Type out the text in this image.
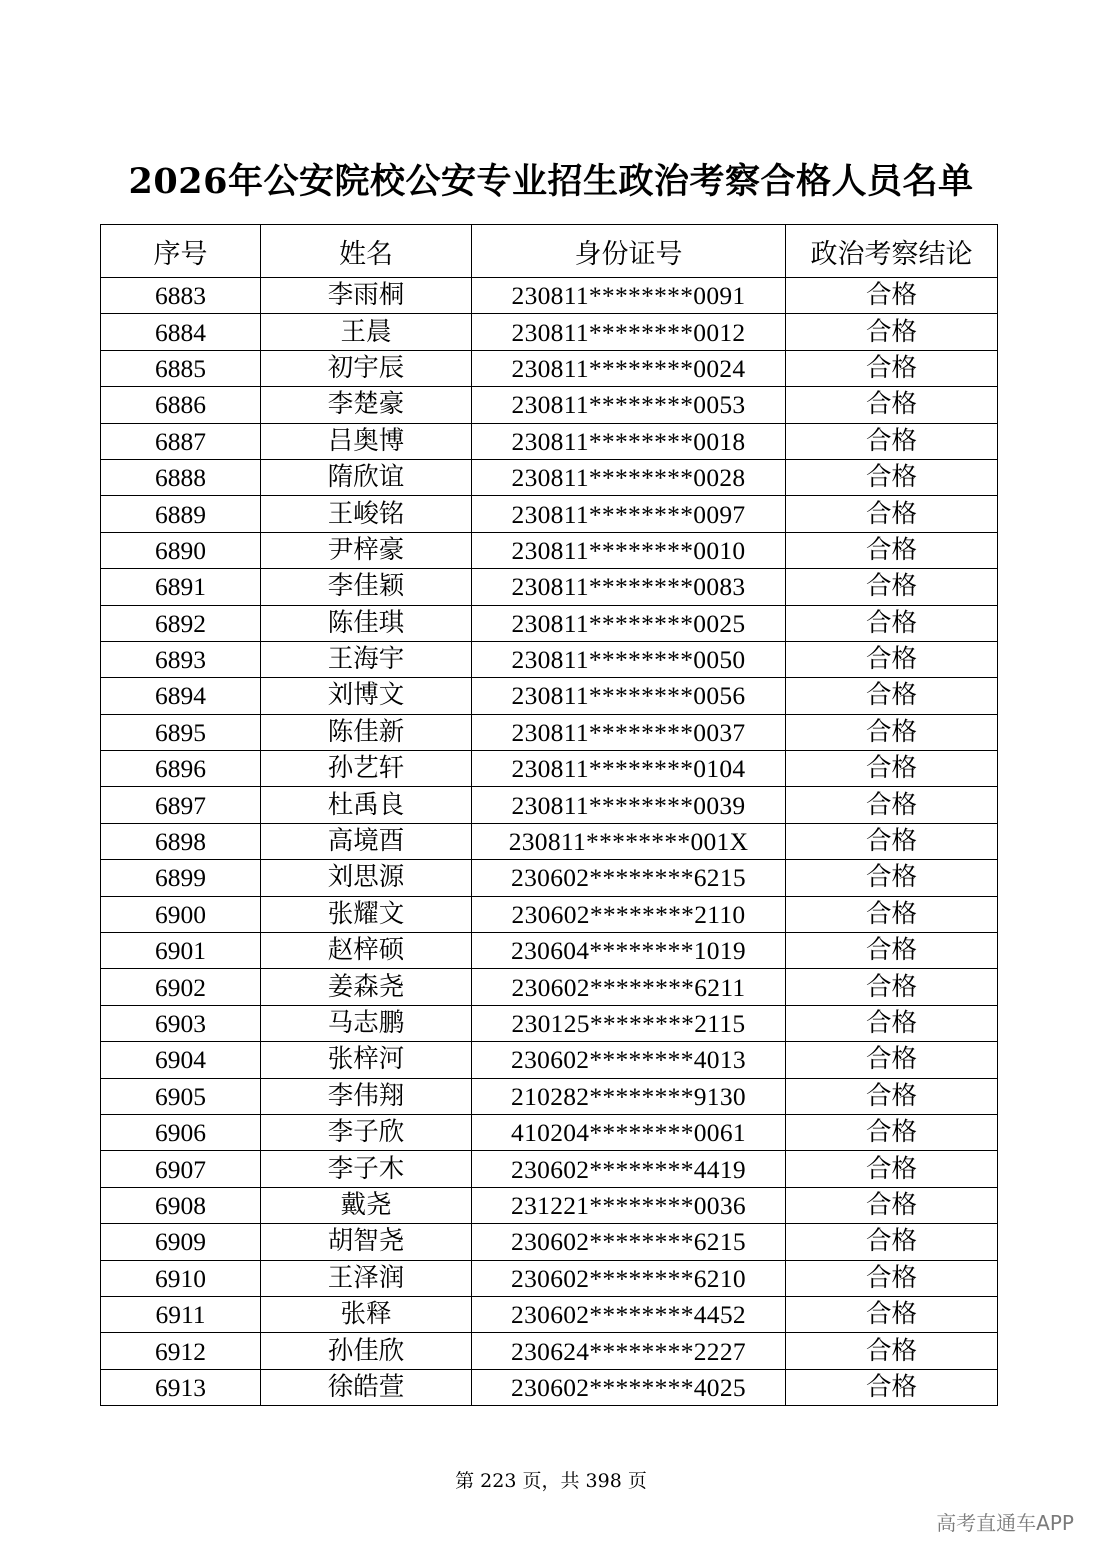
2026年公安院校公安专业招生政治考察合格人员名单
序号	姓名	身份证号	政治考察结论
6883	李雨桐	230811********0091	合格
6884	王晨	230811********0012	合格
6885	初宇辰	230811********0024	合格
6886	李楚豪	230811********0053	合格
6887	吕奥博	230811********0018	合格
6888	隋欣谊	230811********0028	合格
6889	王峻铭	230811********0097	合格
6890	尹梓豪	230811********0010	合格
6891	李佳颖	230811********0083	合格
6892	陈佳琪	230811********0025	合格
6893	王海宇	230811********0050	合格
6894	刘博文	230811********0056	合格
6895	陈佳新	230811********0037	合格
6896	孙艺轩	230811********0104	合格
6897	杜禹良	230811********0039	合格
6898	高境酉	230811********001X	合格
6899	刘思源	230602********6215	合格
6900	张耀文	230602********2110	合格
6901	赵梓硕	230604********1019	合格
6902	姜森尧	230602********6211	合格
6903	马志鹏	230125********2115	合格
6904	张梓河	230602********4013	合格
6905	李伟翔	210282********9130	合格
6906	李子欣	410204********0061	合格
6907	李子木	230602********4419	合格
6908	戴尧	231221********0036	合格
6909	胡智尧	230602********6215	合格
6910	王泽润	230602********6210	合格
6911	张释	230602********4452	合格
6912	孙佳欣	230624********2227	合格
6913	徐皓萱	230602********4025	合格
第 223 页，共 398 页
高考直通车APP
